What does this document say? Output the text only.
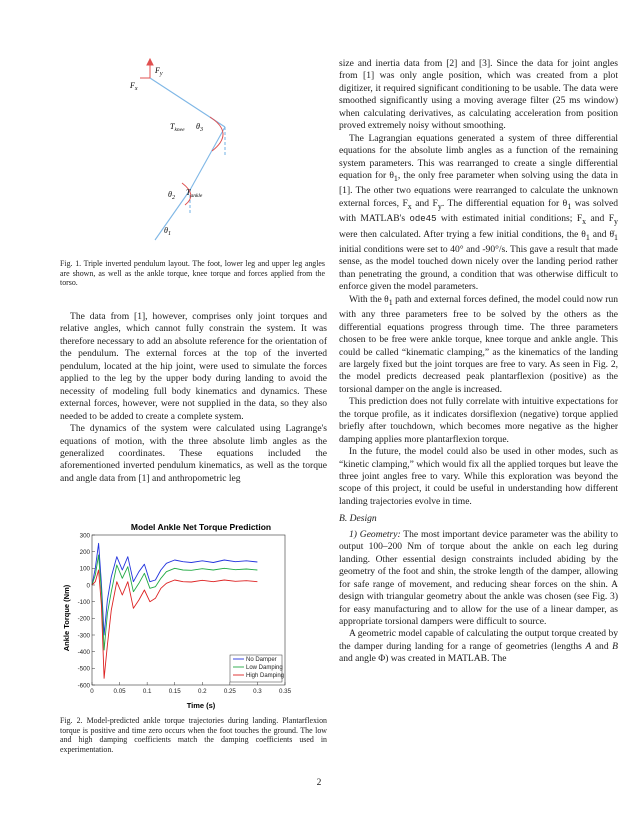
$F_y$
$F_x$
$T_{knee}$ $\theta_3$
$\theta_2$
$T_{ankle}$
$\theta_1$
Fig. 1. Triple inverted pendulum layout. The foot, lower leg and upper leg angles are shown, as well as the ankle torque, knee torque and forces applied from the torso.

The data from [1], however, comprises only joint torques and relative angles, which cannot fully constrain the system. It was therefore necessary to add an absolute reference for the orientation of the pendulum. The external forces at the top of the inverted pendulum, located at the hip joint, were used to simulate the forces applied to the leg by the upper body during landing to avoid the necessity of modeling full body kinematics and dynamics. These external forces, however, were not supplied in the data, so they also needed to be added to create a complete system.

The dynamics of the system were calculated using Lagrange's equations of motion, with the three absolute limb angles as the generalized coordinates. These equations included the aforementioned inverted pendulum kinematics, as well as the torque and angle data from [1] and anthropometric leg

Model Ankle Net Torque Prediction
Ankle Torque (Nm)
Time (s)
-600
-500
-400
-300
-200
-100
0
100
200
300
0	0.05	0.1	0.15	0.2	0.25	0.3	0.35
No Damper
Low Damping
High Damping
Fig. 2. Model-predicted ankle torque trajectories during landing. Plantarflexion torque is positive and time zero occurs when the foot touches the ground. The low and high damping coefficients match the damping coefficients used in experimentation.

size and inertia data from [2] and [3]. Since the data for joint angles from [1] was only angle position, which was created from a plot digitizer, it required significant conditioning to be usable. The data were smoothed significantly using a moving average filter (25 ms window) when calculating derivatives, as calculating acceleration from position proved extremely noisy without smoothing.

The Lagrangian equations generated a system of three differential equations for the absolute limb angles as a function of the remaining system parameters. This was rearranged to create a single differential equation for $\theta_1$, the only free parameter when solving using the data in [1]. The other two equations were rearranged to calculate the unknown external forces, $F_x$ and $F_y$. The differential equation for $\theta_1$ was solved with MATLAB's ode45 with estimated initial conditions; $F_x$ and $F_y$ were then calculated. After trying a few initial conditions, the $\theta_1$ and $\thetȧ_1$ initial conditions were set to 40° and -90°/s. This gave a result that made sense, as the model touched down nicely over the landing period rather than penetrating the ground, a condition that was otherwise difficult to enforce given the model parameters.

With the $\theta_1$ path and external forces defined, the model could now run with any three parameters free to be solved by the others as the differential equations progress through time. The three parameters chosen to be free were ankle torque, knee torque and ankle angle. This could be called “kinematic clamping,” as the kinematics of the landing are largely fixed but the joint torques are free to vary. As seen in Fig. 2, the model predicts decreased peak plantarflexion (positive) as the torsional damper on the angle is increased.

This prediction does not fully correlate with intuitive expectations for the torque profile, as it indicates dorsiflexion (negative) torque applied briefly after touchdown, which becomes more negative as the higher damping applies more plantarflexion torque.

In the future, the model could also be used in other modes, such as “kinetic clamping,” which would fix all the applied torques but leave the three joint angles free to vary. While this exploration was beyond the scope of this project, it could be useful in understanding how different landing trajectories evolve in time.

B. Design

1) Geometry: The most important device parameter was the ability to output 100–200 Nm of torque about the ankle on each leg during landing. Other essential design constraints included abiding by the geometry of the foot and shin, the stroke length of the damper, allowing for safe range of movement, and reducing shear forces on the shin. A design with triangular geometry about the ankle was chosen (see Fig. 3) for easy manufacturing and to allow for the use of a linear damper, as appropriate torsional dampers were difficult to source.

A geometric model capable of calculating the output torque created by the damper during landing for a range of geometries (lengths A and B and angle Φ) was created in MATLAB. The

2
